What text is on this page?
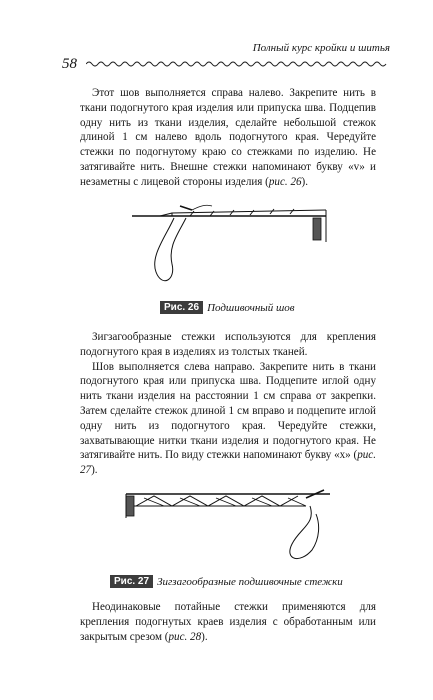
58
Полный курс кройки и шитья

Этот шов выполняется справа налево. Закрепите нить в ткани подогнутого края изделия или припуска шва. Подцепив одну нить из ткани изделия, сделайте небольшой стежок длиной 1 см налево вдоль подогнутого края. Чередуйте стежки по подогнутому краю со стежками по изделию. Не затягивайте нить. Внешне стежки напоминают букву «v» и незаметны с лицевой стороны изделия (рис. 26).

Рис. 26 Подшивочный шов

Зигзагообразные стежки используются для крепления подогнутого края в изделиях из толстых тканей.

Шов выполняется слева направо. Закрепите нить в ткани подогнутого края или припуска шва. Подцепите иглой одну нить ткани изделия на расстоянии 1 см справа от закрепки. Затем сделайте стежок длиной 1 см вправо и подцепите иглой одну нить из подогнутого края. Чередуйте стежки, захватывающие нитки ткани изделия и подогнутого края. Не затягивайте нить. По виду стежки напоминают букву «х» (рис. 27).

Рис. 27 Зигзагообразные подшивочные стежки

Неодинаковые потайные стежки применяются для крепления подогнутых краев изделия с обработанным или закрытым срезом (рис. 28).
